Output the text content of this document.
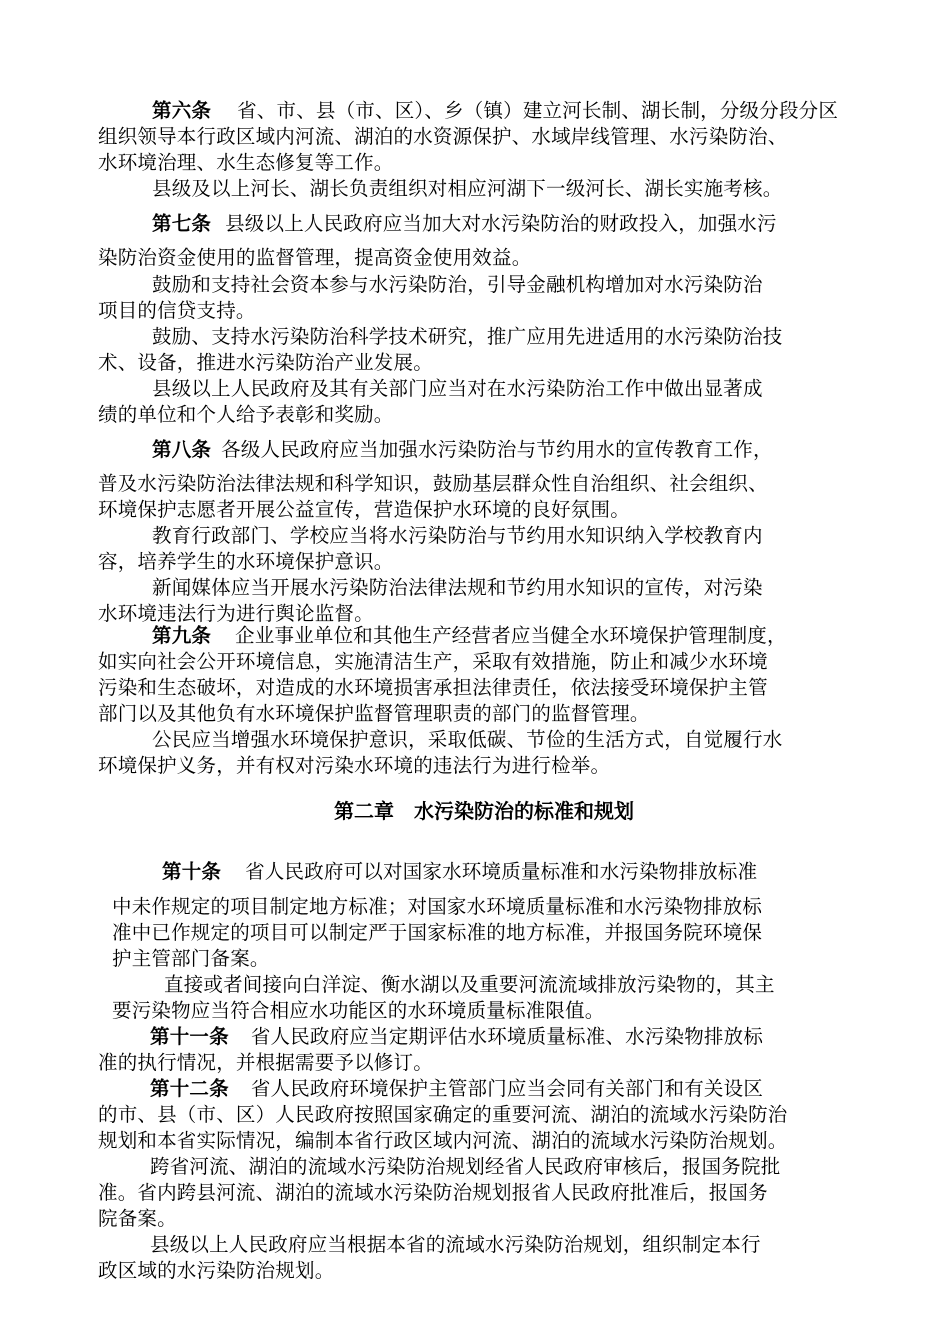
第六条 省、市、县（市、区）、乡（镇）建立河长制、湖长制，分级分段分区
组织领导本行政区域内河流、湖泊的水资源保护、水域岸线管理、水污染防治、
水环境治理、水生态修复等工作。
县级及以上河长、湖长负责组织对相应河湖下一级河长、湖长实施考核。
第七条 县级以上人民政府应当加大对水污染防治的财政投入，加强水污
染防治资金使用的监督管理，提高资金使用效益。
鼓励和支持社会资本参与水污染防治，引导金融机构增加对水污染防治
项目的信贷支持。
鼓励、支持水污染防治科学技术研究，推广应用先进适用的水污染防治技
术、设备，推进水污染防治产业发展。
县级以上人民政府及其有关部门应当对在水污染防治工作中做出显著成
绩的单位和个人给予表彰和奖励。
第八条 各级人民政府应当加强水污染防治与节约用水的宣传教育工作，
普及水污染防治法律法规和科学知识，鼓励基层群众性自治组织、社会组织、
环境保护志愿者开展公益宣传，营造保护水环境的良好氛围。
教育行政部门、学校应当将水污染防治与节约用水知识纳入学校教育内
容，培养学生的水环境保护意识。
新闻媒体应当开展水污染防治法律法规和节约用水知识的宣传，对污染
水环境违法行为进行舆论监督。
第九条 企业事业单位和其他生产经营者应当健全水环境保护管理制度，
如实向社会公开环境信息，实施清洁生产，采取有效措施，防止和减少水环境
污染和生态破坏，对造成的水环境损害承担法律责任，依法接受环境保护主管
部门以及其他负有水环境保护监督管理职责的部门的监督管理。
公民应当增强水环境保护意识，采取低碳、节俭的生活方式，自觉履行水
环境保护义务，并有权对污染水环境的违法行为进行检举。
第二章　水污染防治的标准和规划
第十条 省人民政府可以对国家水环境质量标准和水污染物排放标准
中未作规定的项目制定地方标准；对国家水环境质量标准和水污染物排放标
准中已作规定的项目可以制定严于国家标准的地方标准，并报国务院环境保
护主管部门备案。
直接或者间接向白洋淀、衡水湖以及重要河流流域排放污染物的，其主
要污染物应当符合相应水功能区的水环境质量标准限值。
第十一条 省人民政府应当定期评估水环境质量标准、水污染物排放标
准的执行情况，并根据需要予以修订。
第十二条 省人民政府环境保护主管部门应当会同有关部门和有关设区
的市、县（市、区）人民政府按照国家确定的重要河流、湖泊的流域水污染防治
规划和本省实际情况，编制本省行政区域内河流、湖泊的流域水污染防治规划。
跨省河流、湖泊的流域水污染防治规划经省人民政府审核后，报国务院批
准。省内跨县河流、湖泊的流域水污染防治规划报省人民政府批准后，报国务
院备案。
县级以上人民政府应当根据本省的流域水污染防治规划，组织制定本行
政区域的水污染防治规划。
